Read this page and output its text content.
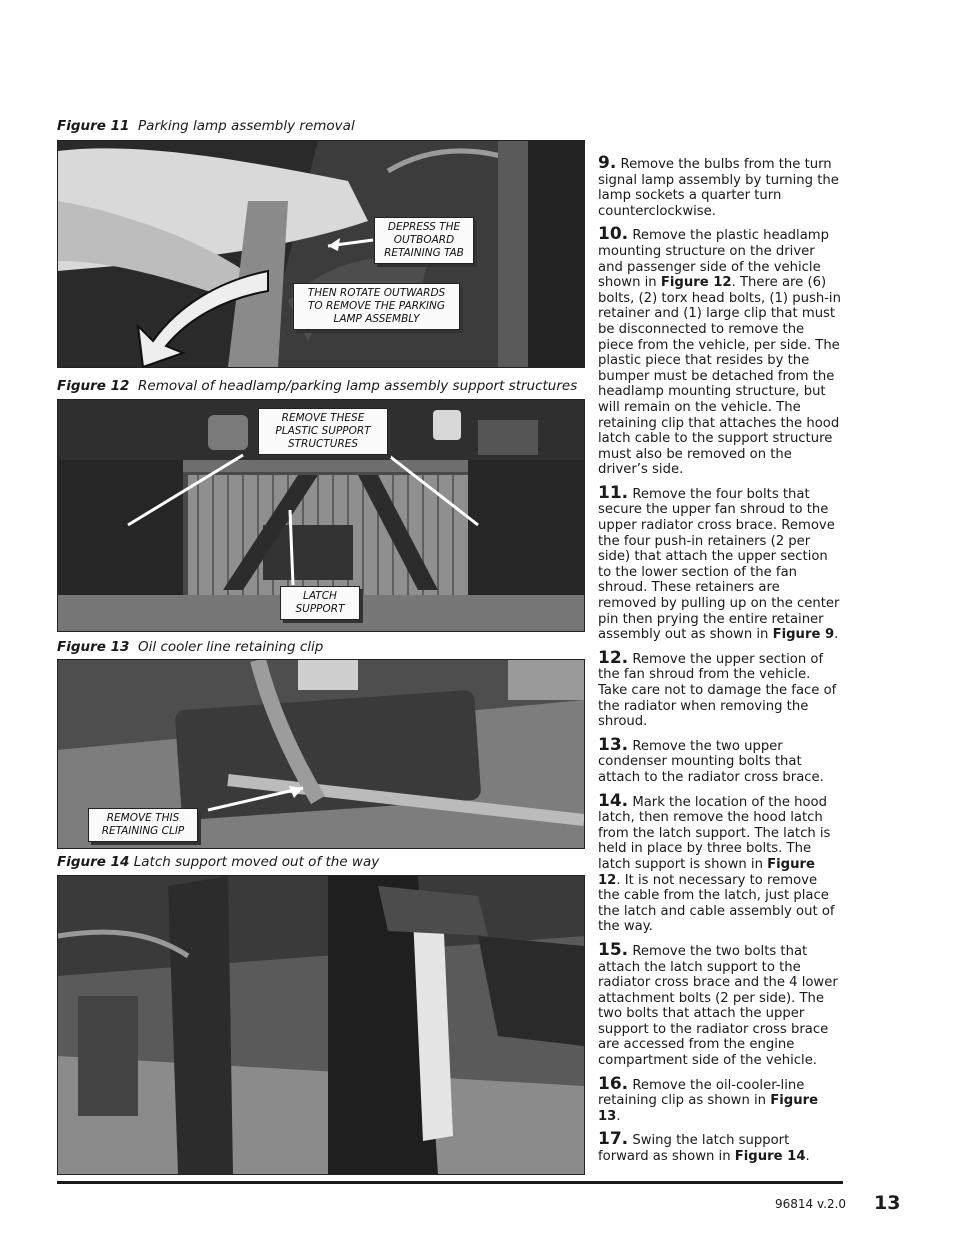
Figure 11 Parking lamp assembly removal
DEPRESS THE OUTBOARD RETAINING TAB
THEN ROTATE OUTWARDS TO REMOVE THE PARKING LAMP ASSEMBLY
Figure 12 Removal of headlamp/parking lamp assembly support structures
REMOVE THESE PLASTIC SUPPORT STRUCTURES
LATCH SUPPORT
Figure 13 Oil cooler line retaining clip
REMOVE THIS RETAINING CLIP
Figure 14 Latch support moved out of the way
9. Remove the bulbs from the turn signal lamp assembly by turning the lamp sockets a quarter turn counterclockwise.
10. Remove the plastic headlamp mounting structure on the driver and passenger side of the vehicle shown in Figure 12. There are (6) bolts, (2) torx head bolts, (1) push-in retainer and (1) large clip that must be disconnected to remove the piece from the vehicle, per side. The plastic piece that resides by the bumper must be detached from the headlamp mounting structure, but will remain on the vehicle. The retaining clip that attaches the hood latch cable to the support structure must also be removed on the driver’s side.
11. Remove the four bolts that secure the upper fan shroud to the upper radiator cross brace. Remove the four push-in retainers (2 per side) that attach the upper section to the lower section of the fan shroud. These retainers are removed by pulling up on the center pin then prying the entire retainer assembly out as shown in Figure 9.
12. Remove the upper section of the fan shroud from the vehicle. Take care not to damage the face of the radiator when removing the shroud.
13. Remove the two upper condenser mounting bolts that attach to the radiator cross brace.
14. Mark the location of the hood latch, then remove the hood latch from the latch support. The latch is held in place by three bolts. The latch support is shown in Figure 12. It is not necessary to remove the cable from the latch, just place the latch and cable assembly out of the way.
15. Remove the two bolts that attach the latch support to the radiator cross brace and the 4 lower attachment bolts (2 per side). The two bolts that attach the upper support to the radiator cross brace are accessed from the engine compartment side of the vehicle.
16. Remove the oil-cooler-line retaining clip as shown in Figure 13.
17. Swing the latch support forward as shown in Figure 14.
96814 v.2.0 13
